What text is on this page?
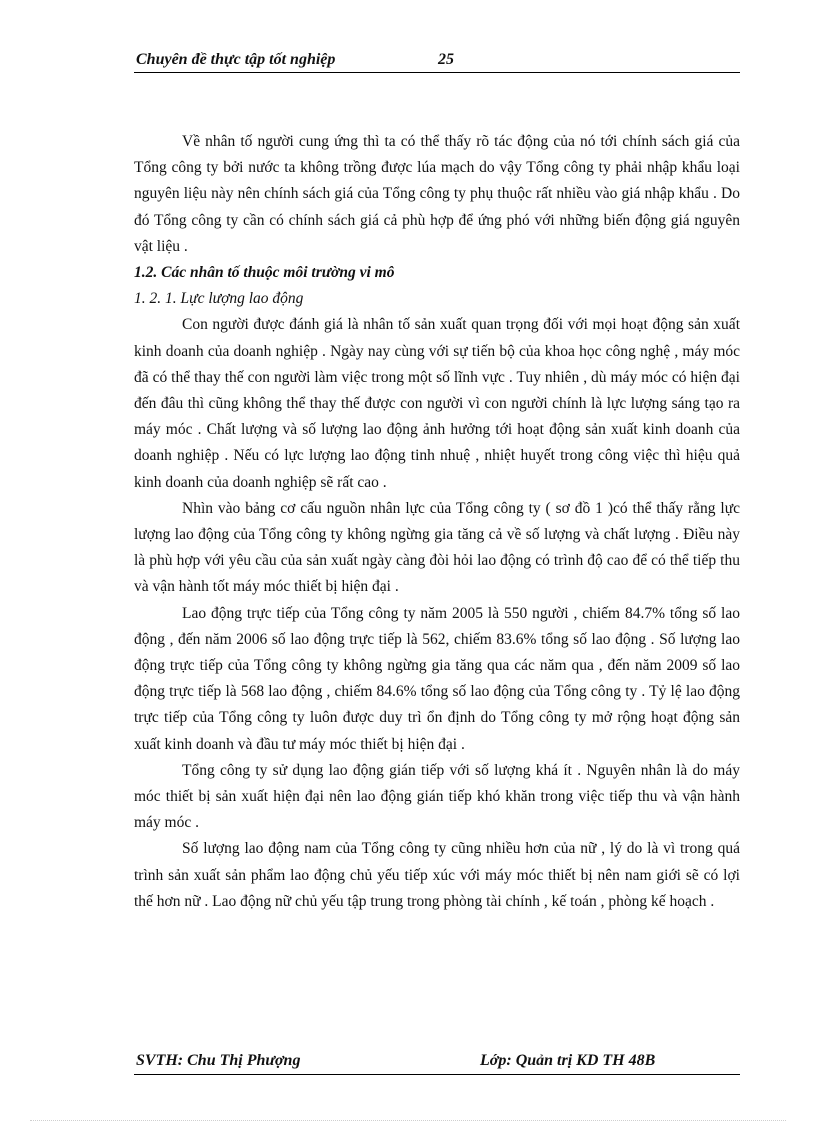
Chuyên đề thực tập tốt nghiệp	25

Về nhân tố người cung ứng thì ta có thể thấy rõ tác động của nó tới chính sách giá của Tổng công ty bởi nước ta không trồng được lúa mạch do vậy Tổng công ty phải nhập khẩu loại nguyên liệu này nên chính sách giá của Tổng công ty phụ thuộc rất nhiều vào giá nhập khẩu . Do đó Tổng công ty cần có chính sách giá cả phù hợp để ứng phó với những biến động giá nguyên vật liệu .

1.2. Các nhân tố thuộc môi trường vi mô
1. 2. 1. Lực lượng lao động

Con người được đánh giá là nhân tố sản xuất quan trọng đối với mọi hoạt động sản xuất kinh doanh của doanh nghiệp . Ngày nay cùng với sự tiến bộ của khoa học công nghệ , máy móc đã có thể thay thế con người làm việc trong một số lĩnh vực . Tuy nhiên , dù máy móc có hiện đại đến đâu thì cũng không thể thay thế được con người vì con người chính là lực lượng sáng tạo ra máy móc . Chất lượng và số lượng lao động ảnh hưởng tới hoạt động sản xuất kinh doanh của doanh nghiệp . Nếu có lực lượng lao động tinh nhuệ , nhiệt huyết trong công việc thì hiệu quả kinh doanh của doanh nghiệp sẽ rất cao .

Nhìn vào bảng cơ cấu nguồn nhân lực của Tổng công ty ( sơ đồ 1 )có thể thấy rằng lực lượng lao động của Tổng công ty không ngừng gia tăng cả về số lượng và chất lượng . Điều này là phù hợp với yêu cầu của sản xuất ngày càng đòi hỏi lao động có trình độ cao để có thể tiếp thu và vận hành tốt máy móc thiết bị hiện đại .

Lao động trực tiếp của Tổng công ty năm 2005 là 550 người , chiếm 84.7% tổng số lao động , đến năm 2006 số lao động trực tiếp là 562, chiếm 83.6% tổng số lao động . Số lượng lao động trực tiếp của Tổng công ty không ngừng gia tăng qua các năm qua , đến năm 2009 số lao động trực tiếp là 568 lao động , chiếm 84.6% tổng số lao động của Tổng công ty . Tỷ lệ lao động trực tiếp của Tổng công ty luôn được duy trì ổn định do Tổng công ty mở rộng hoạt động sản xuất kinh doanh và đầu tư máy móc thiết bị hiện đại .

Tổng công ty sử dụng lao động gián tiếp với số lượng khá ít . Nguyên nhân là do máy móc thiết bị sản xuất hiện đại nên lao động gián tiếp khó khăn trong việc tiếp thu và vận hành máy móc .

Số lượng lao động nam của Tổng công ty cũng nhiều hơn của nữ , lý do là vì trong quá trình sản xuất sản phẩm lao động chủ yếu tiếp xúc với máy móc thiết bị nên nam giới sẽ có lợi thế hơn nữ . Lao động nữ chủ yếu tập trung trong phòng tài chính , kế toán , phòng kế hoạch .

SVTH: Chu Thị Phượng	Lớp: Quản trị KD TH 48B
